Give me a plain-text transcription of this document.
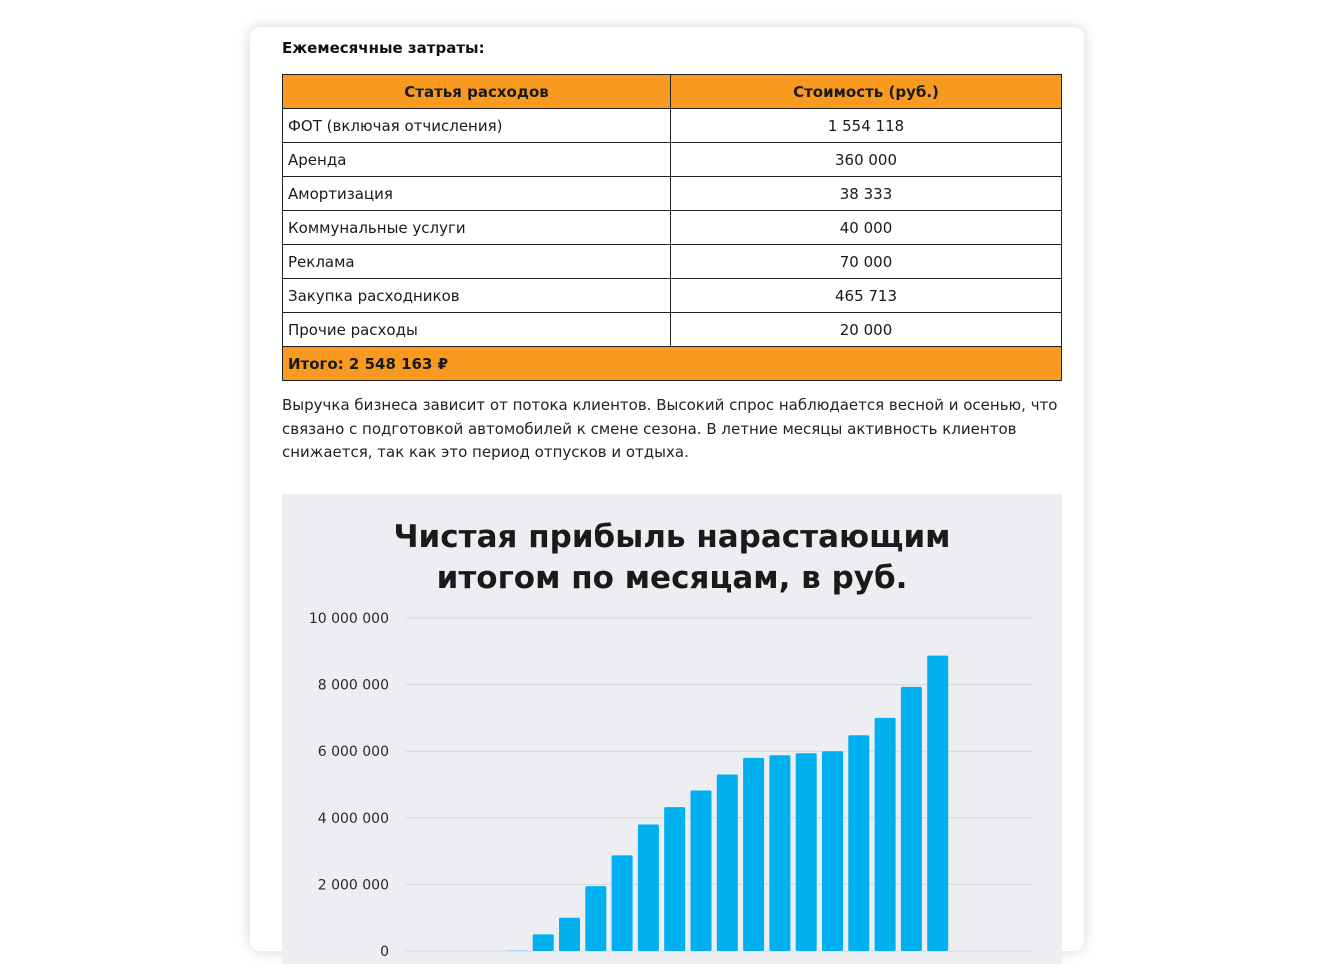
Ежемесячные затраты:
Статья расходов	Стоимость (руб.)
ФОТ (включая отчисления)	1 554 118
Аренда	360 000
Амортизация	38 333
Коммунальные услуги	40 000
Реклама	70 000
Закупка расходников	465 713
Прочие расходы	20 000
Итого: 2 548 163 ₽	
Выручка бизнеса зависит от потока клиентов. Высокий спрос наблюдается весной и осенью, что связано с подготовкой автомобилей к смене сезона. В летние месяцы активность клиентов снижается, так как это период отпусков и отдыха.
Чистая прибыль нарастающим
итогом по месяцам, в руб.
0
2 000 000
4 000 000
6 000 000
8 000 000
10 000 000
